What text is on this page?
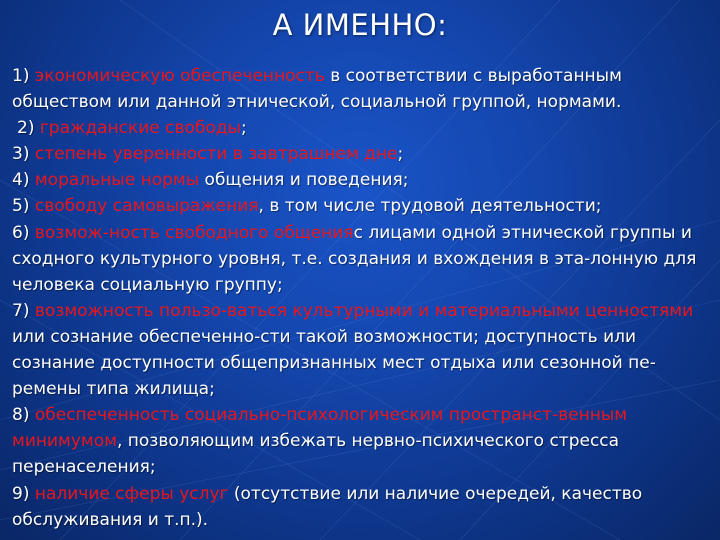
А ИМЕННО:

1) экономическую обеспеченность в соответствии с выработанным обществом или данной этнической, социальной группой, нормами.

2) гражданские свободы;

3) степень уверенности в завтрашнем дне;

4) моральные нормы общения и поведения;

5) свободу самовыражения, в том числе трудовой деятельности;

6) возмож-ность свободного общенияс лицами одной этнической группы и сходного культурного уровня, т.е. создания и вхождения в эта-лонную для человека социальную группу;

7) возможность пользо-ваться культурными и материальными ценностями или сознание обеспеченно-сти такой возможности; доступность или сознание доступности общепризнанных мест отдыха или сезонной пе-ремены типа жилища;

8) обеспеченность социально-психологическим пространст-венным минимумом, позволяющим избежать нервно-психического стресса перенаселения;

9) наличие сферы услуг (отсутствие или наличие очередей, качество обслуживания и т.п.).
